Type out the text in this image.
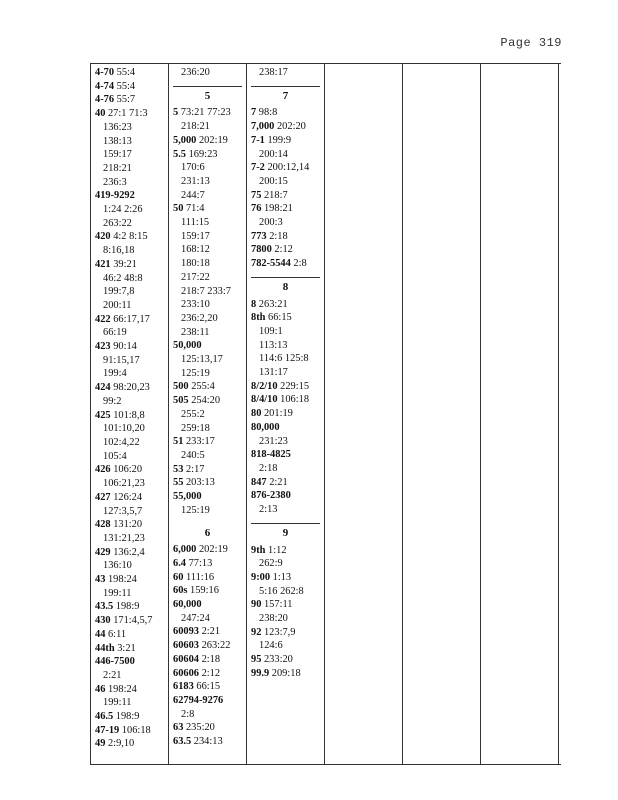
Page 319
4-70 55:4
4-74 55:4
4-76 55:7
40 27:1 71:3
136:23
138:13
159:17
218:21
236:3
419-9292
1:24 2:26
263:22
420 4:2 8:15
8:16,18
421 39:21
46:2 48:8
199:7,8
200:11
422 66:17,17
66:19
423 90:14
91:15,17
199:4
424 98:20,23
99:2
425 101:8,8
101:10,20
102:4,22
105:4
426 106:20
106:21,23
427 126:24
127:3,5,7
428 131:20
131:21,23
429 136:2,4
136:10
43 198:24
199:11
43.5 198:9
430 171:4,5,7
44 6:11
44th 3:21
446-7500
2:21
46 198:24
199:11
46.5 198:9
47-19 106:18
49 2:9,10
236:20
5
5 73:21 77:23
218:21
5,000 202:19
5.5 169:23
170:6
231:13
244:7
50 71:4
111:15
159:17
168:12
180:18
217:22
218:7 233:7
233:10
236:2,20
238:11
50,000
125:13,17
125:19
500 255:4
505 254:20
255:2
259:18
51 233:17
240:5
53 2:17
55 203:13
55,000
125:19
6
6,000 202:19
6.4 77:13
60 111:16
60s 159:16
60,000
247:24
60093 2:21
60603 263:22
60604 2:18
60606 2:12
6183 66:15
62794-9276
2:8
63 235:20
63.5 234:13
238:17
7
7 98:8
7,000 202:20
7-1 199:9
200:14
7-2 200:12,14
200:15
75 218:7
76 198:21
200:3
773 2:18
7800 2:12
782-5544 2:8
8
8 263:21
8th 66:15
109:1
113:13
114:6 125:8
131:17
8/2/10 229:15
8/4/10 106:18
80 201:19
80,000
231:23
818-4825
2:18
847 2:21
876-2380
2:13
9
9th 1:12
262:9
9:00 1:13
5:16 262:8
90 157:11
238:20
92 123:7,9
124:6
95 233:20
99.9 209:18
